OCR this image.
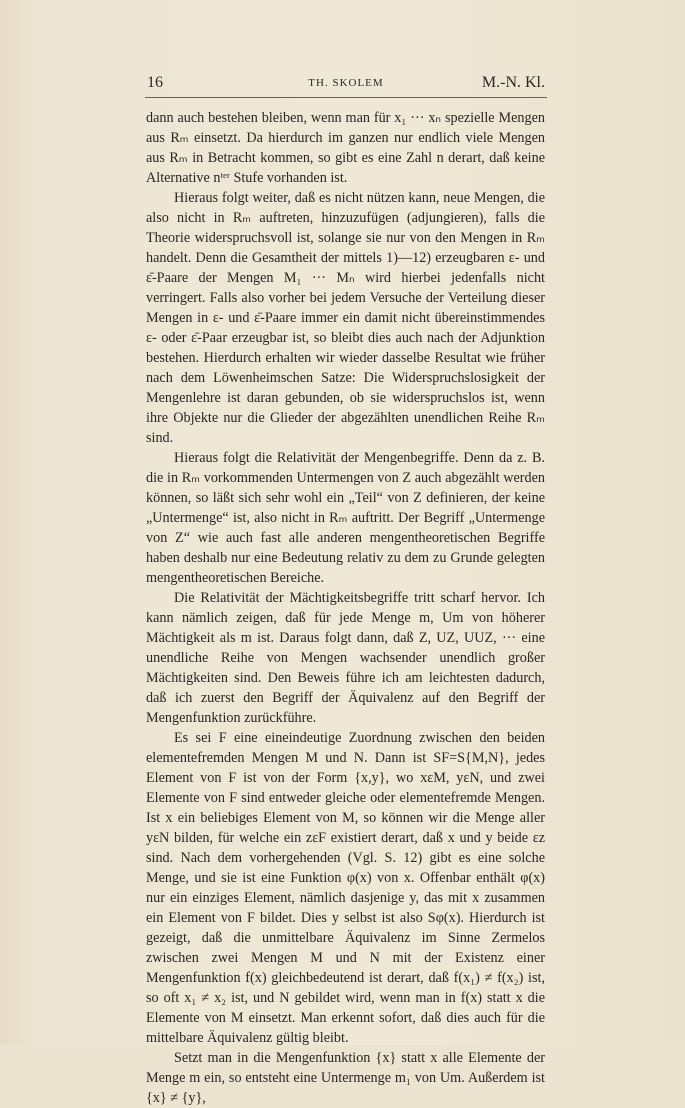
16	TH. SKOLEM	M.-N. Kl.

dann auch bestehen bleiben, wenn man für x₁ ··· xₙ spezielle Mengen aus Rₘ einsetzt. Da hierdurch im ganzen nur endlich viele Mengen aus Rₘ in Betracht kommen, so gibt es eine Zahl n derart, daß keine Alternative nᵗᵉʳ Stufe vorhanden ist.

Hieraus folgt weiter, daß es nicht nützen kann, neue Mengen, die also nicht in Rₘ auftreten, hinzuzufügen (adjungieren), falls die Theorie widerspruchsvoll ist, solange sie nur von den Mengen in Rₘ handelt. Denn die Gesamtheit der mittels 1)—12) erzeugbaren ε- und ε̄-Paare der Mengen M₁ ··· Mₙ wird hierbei jedenfalls nicht verringert. Falls also vorher bei jedem Versuche der Verteilung dieser Mengen in ε- und ε̄-Paare immer ein damit nicht übereinstimmendes ε- oder ε̄-Paar erzeugbar ist, so bleibt dies auch nach der Adjunktion bestehen. Hierdurch erhalten wir wieder dasselbe Resultat wie früher nach dem Löwenheimschen Satze: Die Widerspruchslosigkeit der Mengenlehre ist daran gebunden, ob sie widerspruchslos ist, wenn ihre Objekte nur die Glieder der abgezählten unendlichen Reihe Rₘ sind.

Hieraus folgt die Relativität der Mengenbegriffe. Denn da z. B. die in Rₘ vorkommenden Untermengen von Z auch abgezählt werden können, so läßt sich sehr wohl ein „Teil“ von Z definieren, der keine „Untermenge“ ist, also nicht in Rₘ auftritt. Der Begriff „Untermenge von Z“ wie auch fast alle anderen mengentheoretischen Begriffe haben deshalb nur eine Bedeutung relativ zu dem zu Grunde gelegten mengentheoretischen Bereiche.

Die Relativität der Mächtigkeitsbegriffe tritt scharf hervor. Ich kann nämlich zeigen, daß für jede Menge m, Um von höherer Mächtigkeit als m ist. Daraus folgt dann, daß Z, UZ, UUZ, ··· eine unendliche Reihe von Mengen wachsender unendlich großer Mächtigkeiten sind. Den Beweis führe ich am leichtesten dadurch, daß ich zuerst den Begriff der Äquivalenz auf den Begriff der Mengenfunktion zurückführe.

Es sei F eine eineindeutige Zuordnung zwischen den beiden elementefremden Mengen M und N. Dann ist SF=S{M,N}, jedes Element von F ist von der Form {x,y}, wo xεM, yεN, und zwei Elemente von F sind entweder gleiche oder elementefremde Mengen. Ist x ein beliebiges Element von M, so können wir die Menge aller yεN bilden, für welche ein zεF existiert derart, daß x und y beide εz sind. Nach dem vorhergehenden (Vgl. S. 12) gibt es eine solche Menge, und sie ist eine Funktion φ(x) von x. Offenbar enthält φ(x) nur ein einziges Element, nämlich dasjenige y, das mit x zusammen ein Element von F bildet. Dies y selbst ist also Sφ(x). Hierdurch ist gezeigt, daß die unmittelbare Äquivalenz im Sinne Zermelos zwischen zwei Mengen M und N mit der Existenz einer Mengenfunktion f(x) gleichbedeutend ist derart, daß f(x₁) ≠ f(x₂) ist, so oft x₁ ≠ x₂ ist, und N gebildet wird, wenn man in f(x) statt x die Elemente von M einsetzt. Man erkennt sofort, daß dies auch für die mittelbare Äquivalenz gültig bleibt.

Setzt man in die Mengenfunktion {x} statt x alle Elemente der Menge m ein, so entsteht eine Untermenge m₁ von Um. Außerdem ist {x} ≠ {y},
